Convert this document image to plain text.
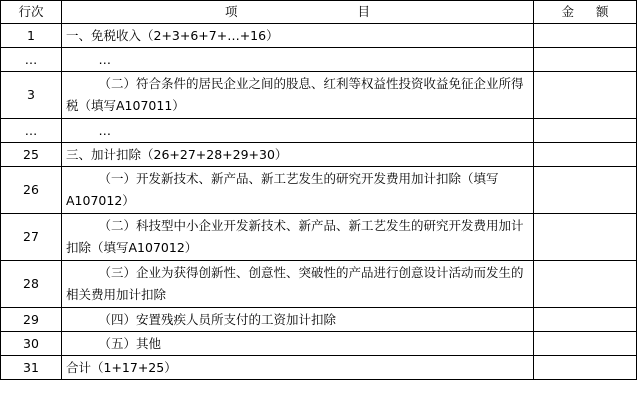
行次	项 目	金 额
1	一、免税收入（2+3+6+7+…+16）	
…	…	
3	（二）符合条件的居民企业之间的股息、红利等权益性投资收益免征企业所得税（填写A107011）	
…	…	
25	三、加计扣除（26+27+28+29+30）	
26	（一）开发新技术、新产品、新工艺发生的研究开发费用加计扣除（填写A107012）	
27	（二）科技型中小企业开发新技术、新产品、新工艺发生的研究开发费用加计扣除（填写A107012）	
28	（三）企业为获得创新性、创意性、突破性的产品进行创意设计活动而发生的相关费用加计扣除	
29	（四）安置残疾人员所支付的工资加计扣除	
30	（五）其他	
31	合计（1+17+25）	
